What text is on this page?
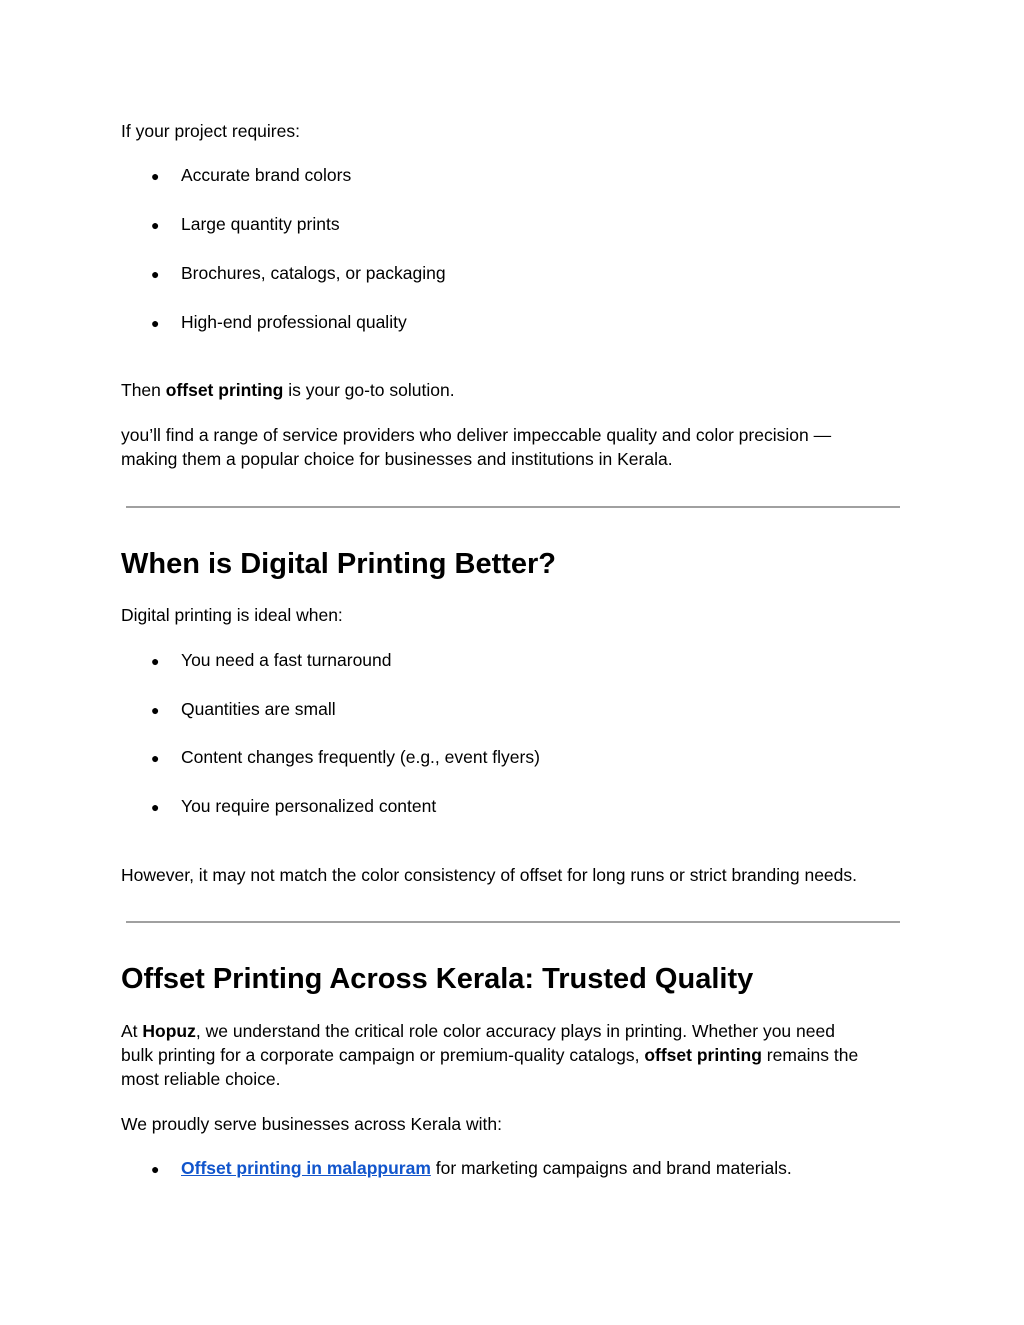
If your project requires:

● Accurate brand colors
● Large quantity prints
● Brochures, catalogs, or packaging
● High-end professional quality

Then offset printing is your go-to solution.

you’ll find a range of service providers who deliver impeccable quality and color precision —
making them a popular choice for businesses and institutions in Kerala.

When is Digital Printing Better?

Digital printing is ideal when:

● You need a fast turnaround
● Quantities are small
● Content changes frequently (e.g., event flyers)
● You require personalized content

However, it may not match the color consistency of offset for long runs or strict branding needs.

Offset Printing Across Kerala: Trusted Quality

At Hopuz, we understand the critical role color accuracy plays in printing. Whether you need
bulk printing for a corporate campaign or premium-quality catalogs, offset printing remains the
most reliable choice.

We proudly serve businesses across Kerala with:

● Offset printing in malappuram for marketing campaigns and brand materials.
